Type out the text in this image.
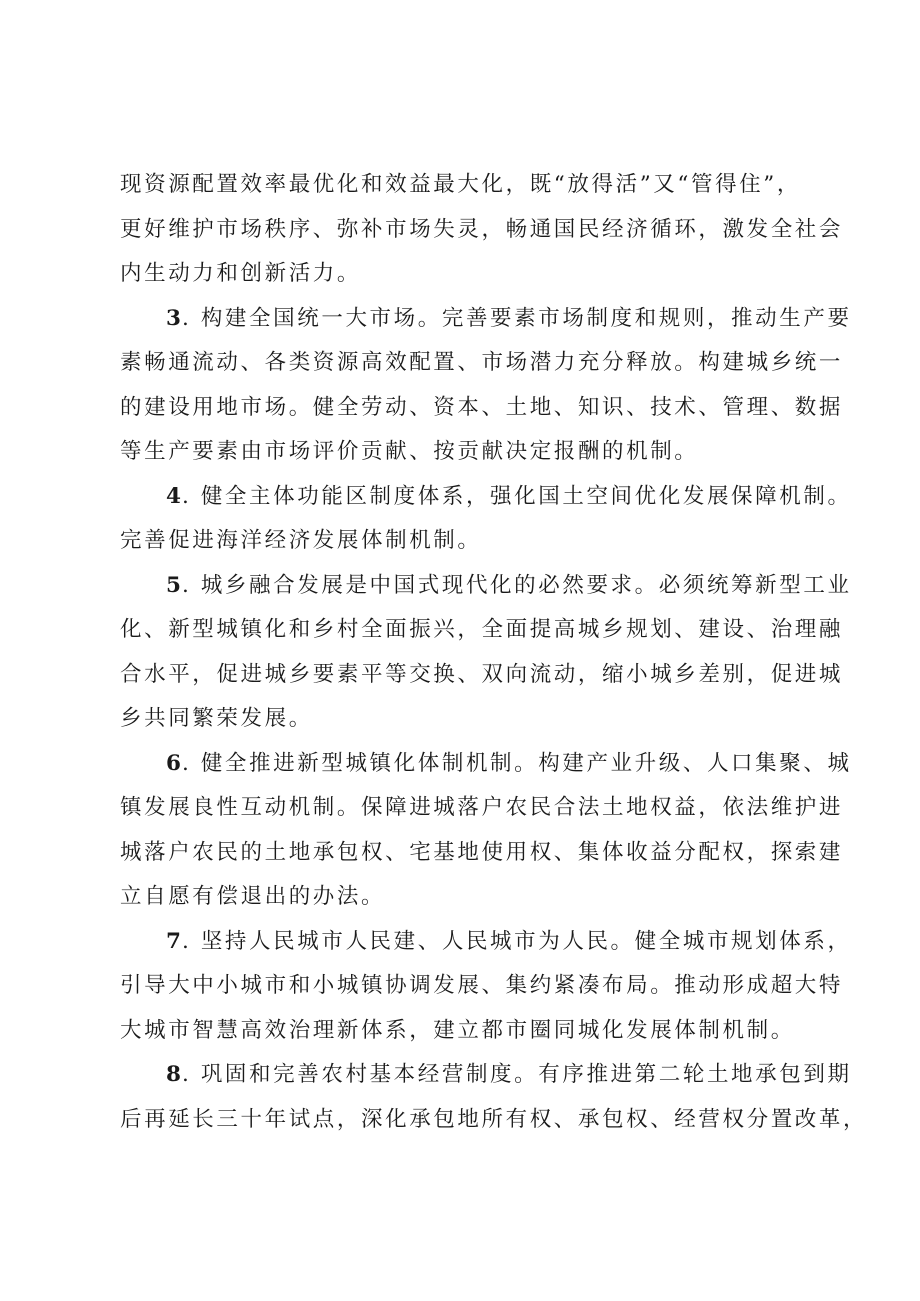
现资源配置效率最优化和效益最大化，既“放得活”又“管得住”，
更好维护市场秩序、弥补市场失灵，畅通国民经济循环，激发全社会
内生动力和创新活力。
3. 构建全国统一大市场。完善要素市场制度和规则，推动生产要
素畅通流动、各类资源高效配置、市场潜力充分释放。构建城乡统一
的建设用地市场。健全劳动、资本、土地、知识、技术、管理、数据
等生产要素由市场评价贡献、按贡献决定报酬的机制。
4. 健全主体功能区制度体系，强化国土空间优化发展保障机制。
完善促进海洋经济发展体制机制。
5. 城乡融合发展是中国式现代化的必然要求。必须统筹新型工业
化、新型城镇化和乡村全面振兴，全面提高城乡规划、建设、治理融
合水平，促进城乡要素平等交换、双向流动，缩小城乡差别，促进城
乡共同繁荣发展。
6. 健全推进新型城镇化体制机制。构建产业升级、人口集聚、城
镇发展良性互动机制。保障进城落户农民合法土地权益，依法维护进
城落户农民的土地承包权、宅基地使用权、集体收益分配权，探索建
立自愿有偿退出的办法。
7. 坚持人民城市人民建、人民城市为人民。健全城市规划体系，
引导大中小城市和小城镇协调发展、集约紧凑布局。推动形成超大特
大城市智慧高效治理新体系，建立都市圈同城化发展体制机制。
8. 巩固和完善农村基本经营制度。有序推进第二轮土地承包到期
后再延长三十年试点，深化承包地所有权、承包权、经营权分置改革，
